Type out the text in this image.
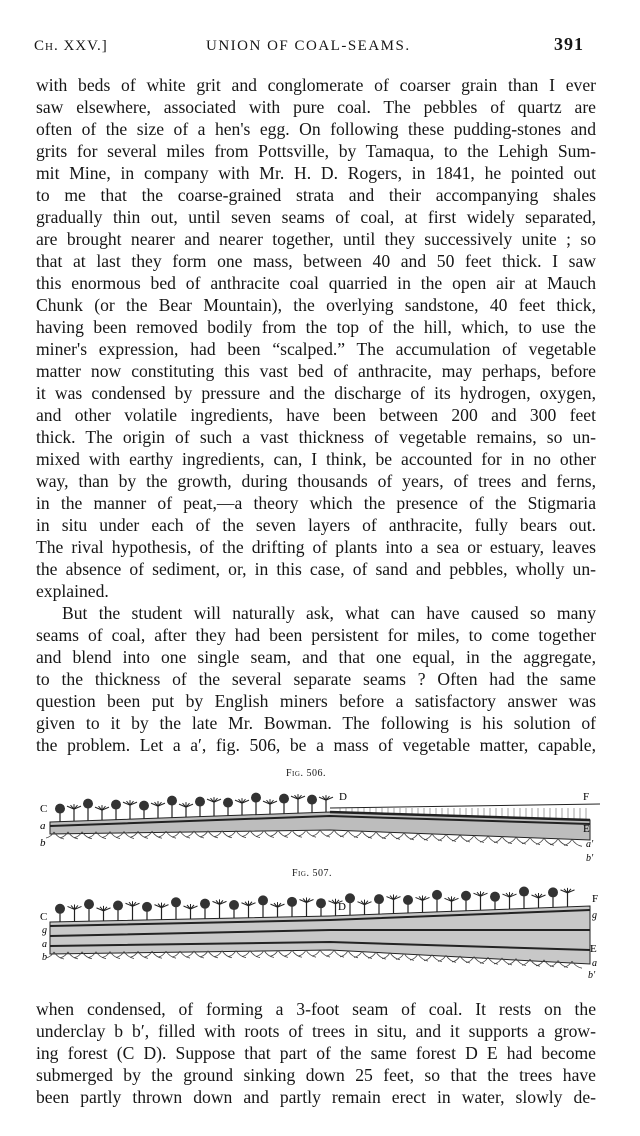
Ch. XXV.]	UNION OF COAL-SEAMS.	391
with beds of white grit and conglomerate of coarser grain than I ever
saw elsewhere, associated with pure coal. The pebbles of quartz are
often of the size of a hen's egg. On following these pudding-stones and
grits for several miles from Pottsville, by Tamaqua, to the Lehigh Sum-
mit Mine, in company with Mr. H. D. Rogers, in 1841, he pointed out
to me that the coarse-grained strata and their accompanying shales
gradually thin out, until seven seams of coal, at first widely separated,
are brought nearer and nearer together, until they successively unite ; so
that at last they form one mass, between 40 and 50 feet thick. I saw
this enormous bed of anthracite coal quarried in the open air at Mauch
Chunk (or the Bear Mountain), the overlying sandstone, 40 feet thick,
having been removed bodily from the top of the hill, which, to use the
miner's expression, had been “scalped.” The accumulation of vegetable
matter now constituting this vast bed of anthracite, may perhaps, before
it was condensed by pressure and the discharge of its hydrogen, oxygen,
and other volatile ingredients, have been between 200 and 300 feet
thick. The origin of such a vast thickness of vegetable remains, so un-
mixed with earthy ingredients, can, I think, be accounted for in no other
way, than by the growth, during thousands of years, of trees and ferns,
in the manner of peat,—a theory which the presence of the Stigmaria
in situ under each of the seven layers of anthracite, fully bears out.
The rival hypothesis, of the drifting of plants into a sea or estuary, leaves
the absence of sediment, or, in this case, of sand and pebbles, wholly un-
explained.
But the student will naturally ask, what can have caused so many
seams of coal, after they had been persistent for miles, to come together
and blend into one single seam, and that one equal, in the aggregate,
to the thickness of the several separate seams ? Often had the same
question been put by English miners before a satisfactory answer was
given to it by the late Mr. Bowman. The following is his solution of
the problem. Let a a′, fig. 506, be a mass of vegetable matter, capable,
Fig. 506.
C
a
b
D	F
E
a′
b′
Fig. 507.
C
g
a
b
D
F
g
E
a
b′
when condensed, of forming a 3-foot seam of coal. It rests on the
underclay b b′, filled with roots of trees in situ, and it supports a grow-
ing forest (C D). Suppose that part of the same forest D E had become
submerged by the ground sinking down 25 feet, so that the trees have
been partly thrown down and partly remain erect in water, slowly de-
